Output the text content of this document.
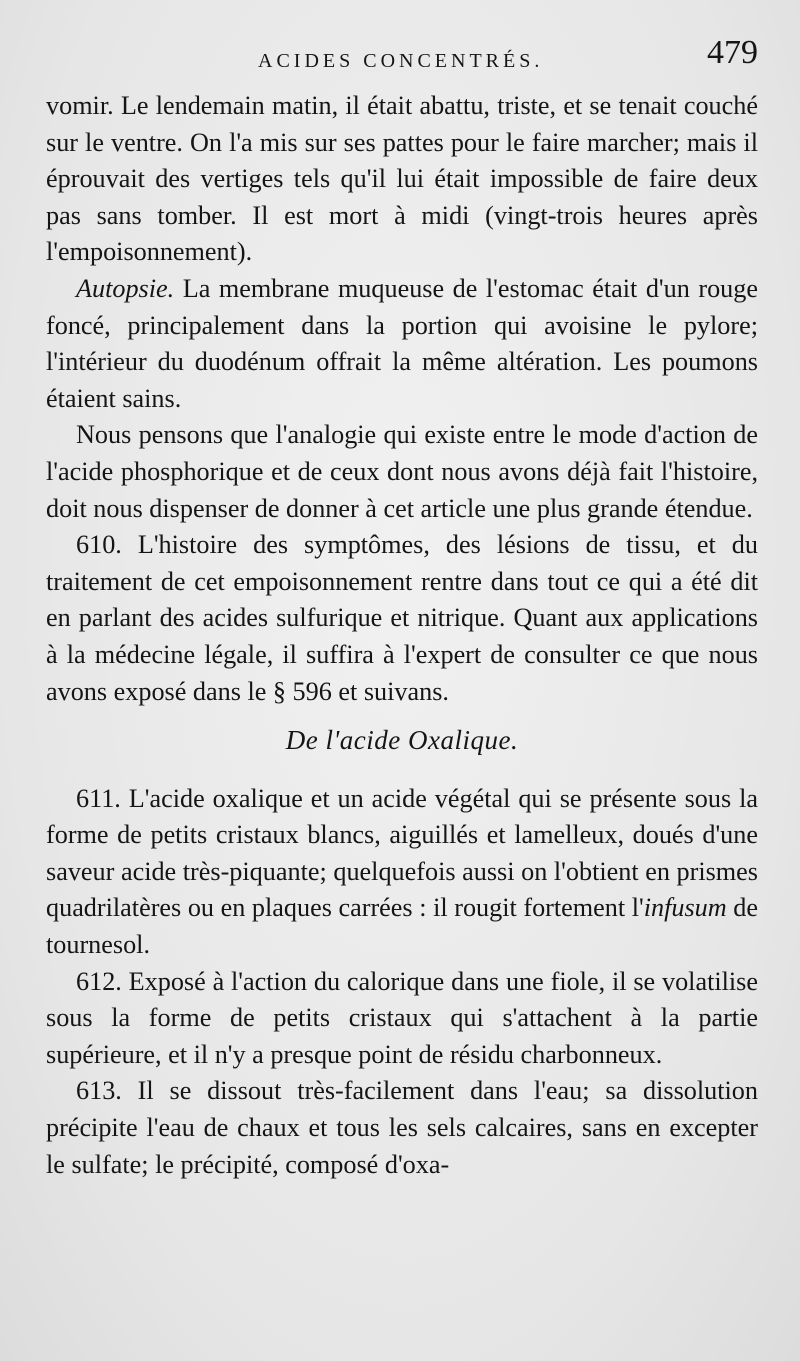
ACIDES CONCENTRÉS.	479

vomir. Le lendemain matin, il était abattu, triste, et se tenait couché sur le ventre. On l'a mis sur ses pattes pour le faire marcher; mais il éprouvait des vertiges tels qu'il lui était impossible de faire deux pas sans tomber. Il est mort à midi (vingt-trois heures après l'empoisonnement).

Autopsie. La membrane muqueuse de l'estomac était d'un rouge foncé, principalement dans la portion qui avoisine le pylore; l'intérieur du duodénum offrait la même altération. Les poumons étaient sains.

Nous pensons que l'analogie qui existe entre le mode d'action de l'acide phosphorique et de ceux dont nous avons déjà fait l'histoire, doit nous dispenser de donner à cet article une plus grande étendue.

610. L'histoire des symptômes, des lésions de tissu, et du traitement de cet empoisonnement rentre dans tout ce qui a été dit en parlant des acides sulfurique et nitrique. Quant aux applications à la médecine légale, il suffira à l'expert de consulter ce que nous avons exposé dans le § 596 et suivans.

De l'acide Oxalique.

611. L'acide oxalique et un acide végétal qui se présente sous la forme de petits cristaux blancs, aiguillés et lamelleux, doués d'une saveur acide très-piquante; quelquefois aussi on l'obtient en prismes quadrilatères ou en plaques carrées : il rougit fortement l'infusum de tournesol.

612. Exposé à l'action du calorique dans une fiole, il se volatilise sous la forme de petits cristaux qui s'attachent à la partie supérieure, et il n'y a presque point de résidu charbonneux.

613. Il se dissout très-facilement dans l'eau; sa dissolution précipite l'eau de chaux et tous les sels calcaires, sans en excepter le sulfate; le précipité, composé d'oxa-
